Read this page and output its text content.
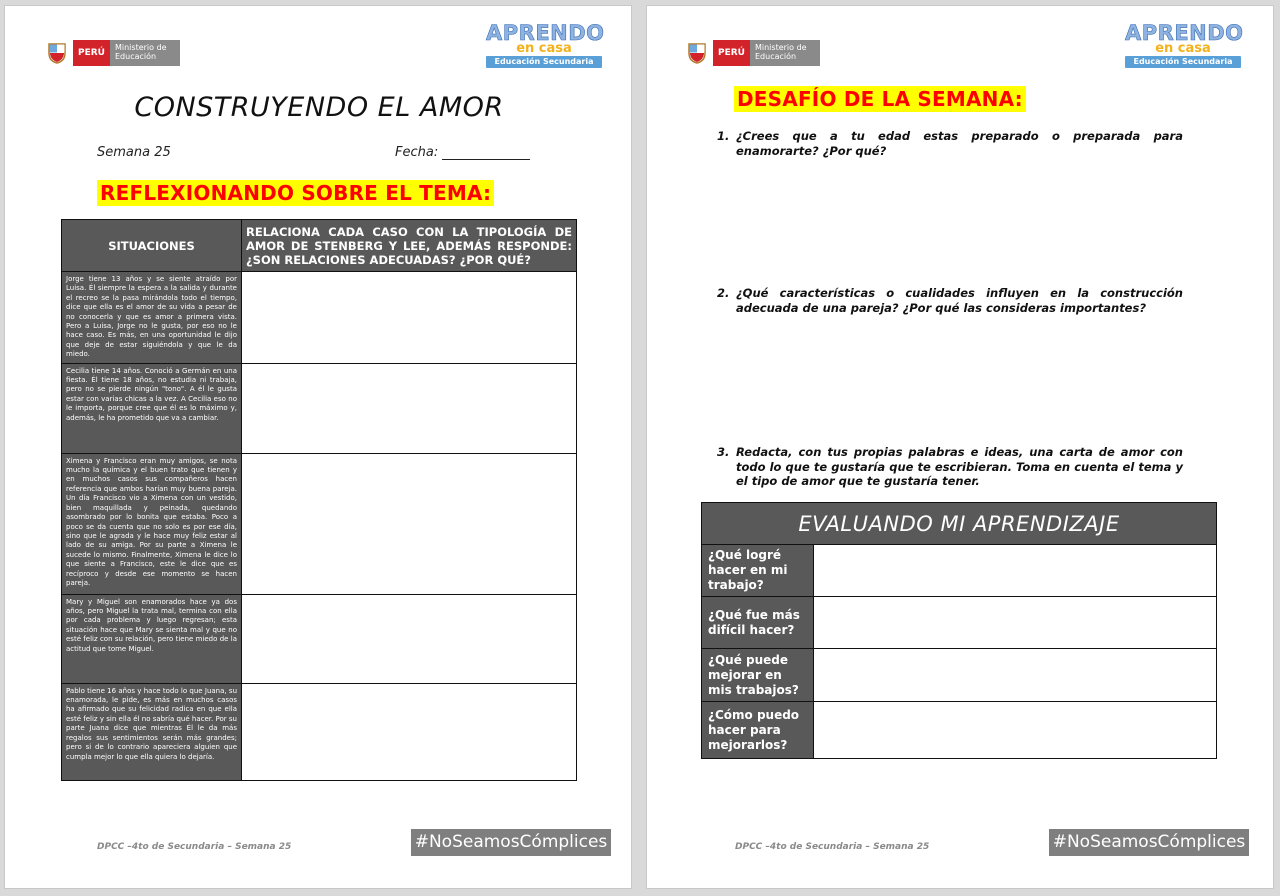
PERÚ
Ministerio de Educación
APRENDO
en casa
Educación Secundaria
CONSTRUYENDO EL AMOR
Semana 25	Fecha:
REFLEXIONANDO SOBRE EL TEMA:
SITUACIONES	RELACIONA CADA CASO CON LA TIPOLOGÍA DE AMOR DE STENBERG Y LEE, ADEMÁS RESPONDE: ¿SON RELACIONES ADECUADAS? ¿POR QUÉ?
Jorge tiene 13 años y se siente atraído por Luisa. Él siempre la espera a la salida y durante el recreo se la pasa mirándola todo el tiempo, dice que ella es el amor de su vida a pesar de no conocerla y que es amor a primera vista. Pero a Luisa, Jorge no le gusta, por eso no le hace caso. Es más, en una oportunidad le dijo que deje de estar siguiéndola y que le da miedo.	
Cecilia tiene 14 años. Conoció a Germán en una fiesta. Él tiene 18 años, no estudia ni trabaja, pero no se pierde ningún "tono". A él le gusta estar con varias chicas a la vez. A Cecilia eso no le importa, porque cree que él es lo máximo y, además, le ha prometido que va a cambiar.	
Ximena y Francisco eran muy amigos, se nota mucho la química y el buen trato que tienen y en muchos casos sus compañeros hacen referencia que ambos harían muy buena pareja. Un día Francisco vio a Ximena con un vestido, bien maquillada y peinada, quedando asombrado por lo bonita que estaba. Poco a poco se da cuenta que no solo es por ese día, sino que le agrada y le hace muy feliz estar al lado de su amiga. Por su parte a Ximena le sucede lo mismo. Finalmente, Ximena le dice lo que siente a Francisco, este le dice que es recíproco y desde ese momento se hacen pareja.	
Mary y Miguel son enamorados hace ya dos años, pero Miguel la trata mal, termina con ella por cada problema y luego regresan; esta situación hace que Mary se sienta mal y que no esté feliz con su relación, pero tiene miedo de la actitud que tome Miguel.	
Pablo tiene 16 años y hace todo lo que Juana, su enamorada, le pide, es más en muchos casos ha afirmado que su felicidad radica en que ella esté feliz y sin ella él no sabría qué hacer. Por su parte Juana dice que mientras Él le da más regalos sus sentimientos serán más grandes; pero si de lo contrario apareciera alguien que cumpla mejor lo que ella quiera lo dejaría.	
DPCC –4to de Secundaria – Semana 25	#NoSeamosCómplices
PERÚ
Ministerio de Educación
APRENDO
en casa
Educación Secundaria
DESAFÍO DE LA SEMANA:
1. ¿Crees que a tu edad estas preparado o preparada para enamorarte? ¿Por qué?
2. ¿Qué características o cualidades influyen en la construcción adecuada de una pareja? ¿Por qué las consideras importantes?
3. Redacta, con tus propias palabras e ideas, una carta de amor con todo lo que te gustaría que te escribieran. Toma en cuenta el tema y el tipo de amor que te gustaría tener.
EVALUANDO MI APRENDIZAJE	
¿Qué logré hacer en mi trabajo?	
¿Qué fue más difícil hacer?	
¿Qué puede mejorar en mis trabajos?	
¿Cómo puedo hacer para mejorarlos?	
DPCC –4to de Secundaria – Semana 25	#NoSeamosCómplices
